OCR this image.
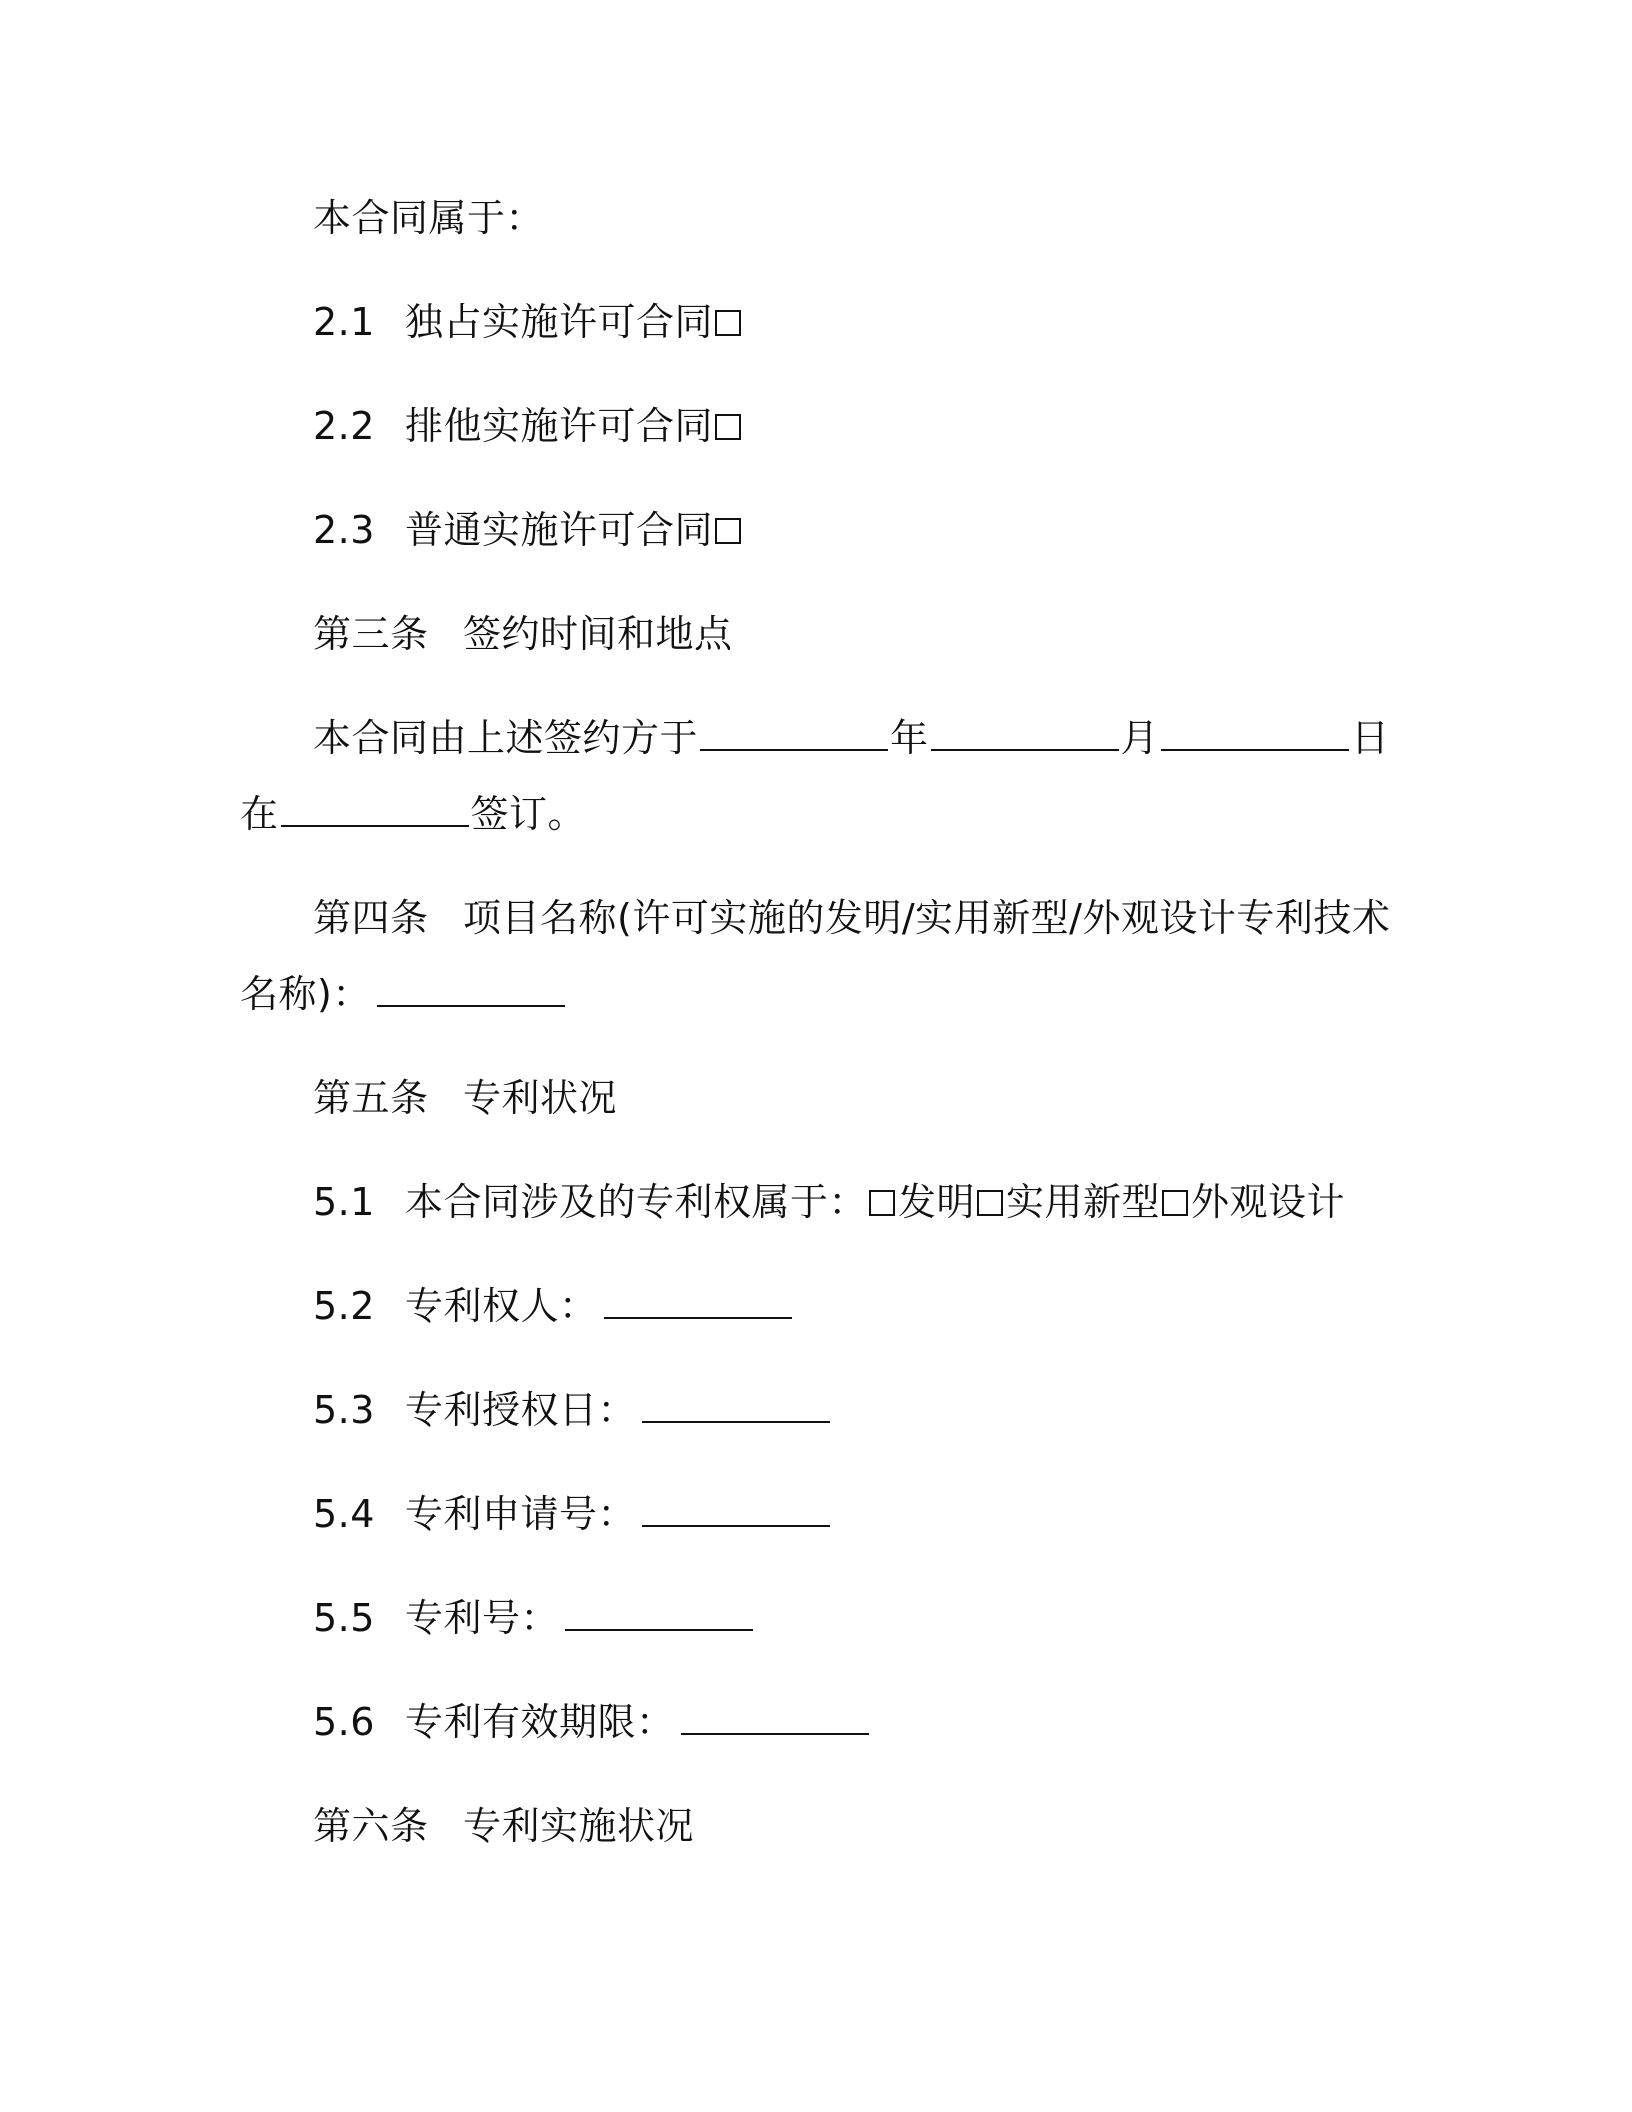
本合同属于：
2.1 独占实施许可合同
2.2 排他实施许可合同
2.3 普通实施许可合同
第三条 签约时间和地点
本合同由上述签约方于	年	月	日
在	签订。
第四条 项目名称(许可实施的发明/实用新型/外观设计专利技术
名称)：
第五条 专利状况
5.1 本合同涉及的专利权属于： 发明 实用新型 外观设计
5.2 专利权人：
5.3 专利授权日：
5.4 专利申请号：
5.5 专利号：
5.6 专利有效期限：
第六条 专利实施状况
